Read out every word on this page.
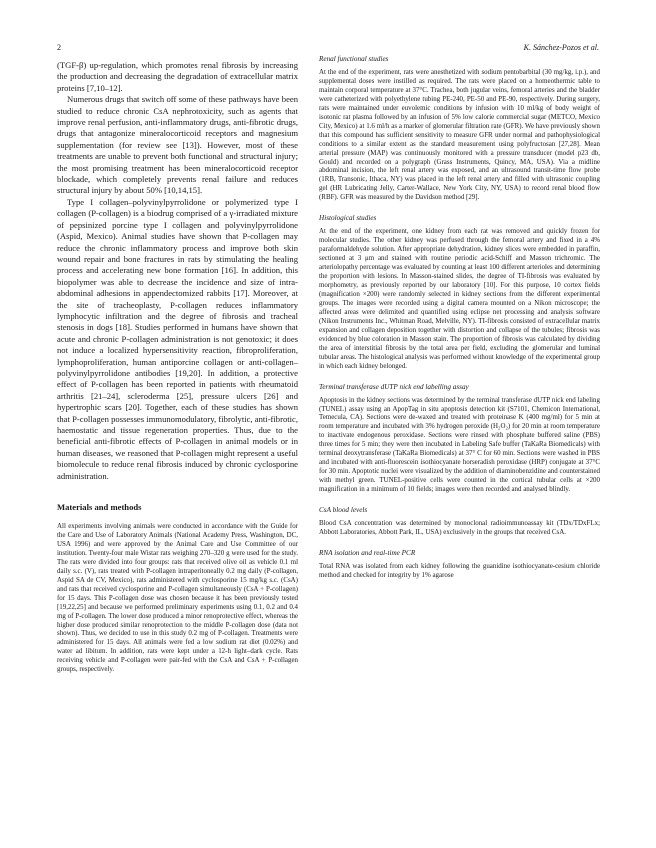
2	K. Sánchez-Pozos et al.

(TGF-β) up-regulation, which promotes renal fibrosis by increasing the production and decreasing the degradation of extracellular matrix proteins [7,10–12].

Numerous drugs that switch off some of these pathways have been studied to reduce chronic CsA nephrotoxicity, such as agents that improve renal perfusion, anti-inflammatory drugs, anti-fibrotic drugs, drugs that antagonize mineralocorticoid receptors and magnesium supplementation (for review see [13]). However, most of these treatments are unable to prevent both functional and structural injury; the most promising treatment has been mineralocorticoid receptor blockade, which completely prevents renal failure and reduces structural injury by about 50% [10,14,15].

Type I collagen–polyvinylpyrrolidone or polymerized type I collagen (P-collagen) is a biodrug comprised of a γ-irradiated mixture of pepsinized porcine type I collagen and polyvinylpyrrolidone (Aspid, Mexico). Animal studies have shown that P-collagen may reduce the chronic inflammatory process and improve both skin wound repair and bone fractures in rats by stimulating the healing process and accelerating new bone formation [16]. In addition, this biopolymer was able to decrease the incidence and size of intra-abdominal adhesions in appendectomized rabbits [17]. Moreover, at the site of tracheoplasty, P-collagen reduces inflammatory lymphocytic infiltration and the degree of fibrosis and tracheal stenosis in dogs [18]. Studies performed in humans have shown that acute and chronic P-collagen administration is not genotoxic; it does not induce a localized hypersensitivity reaction, fibroproliferation, lymphoproliferation, human antiporcine collagen or anti-collagen–polyvinylpyrrolidone antibodies [19,20]. In addition, a protective effect of P-collagen has been reported in patients with rheumatoid arthritis [21–24], scleroderma [25], pressure ulcers [26] and hypertrophic scars [20]. Together, each of these studies has shown that P-collagen possesses immunomodulatory, fibrolytic, anti-fibrotic, haemostatic and tissue regeneration properties. Thus, due to the beneficial anti-fibrotic effects of P-collagen in animal models or in human diseases, we reasoned that P-collagen might represent a useful biomolecule to reduce renal fibrosis induced by chronic cyclosporine administration.

Materials and methods

All experiments involving animals were conducted in accordance with the Guide for the Care and Use of Laboratory Animals (National Academy Press, Washington, DC, USA 1996) and were approved by the Animal Care and Use Committee of our institution. Twenty-four male Wistar rats weighing 270–320 g were used for the study. The rats were divided into four groups: rats that received olive oil as vehicle 0.1 ml daily s.c. (V), rats treated with P-collagen intraperitoneally 0.2 mg daily (P-collagen, Aspid SA de CV, Mexico), rats administered with cyclosporine 15 mg/kg s.c. (CsA) and rats that received cyclosporine and P-collagen simultaneously (CsA + P-collagen) for 15 days. This P-collagen dose was chosen because it has been previously tested [19,22,25] and because we performed preliminary experiments using 0.1, 0.2 and 0.4 mg of P-collagen. The lower dose produced a minor renoprotective effect, whereas the higher dose produced similar renoprotection to the middle P-collagen dose (data not shown). Thus, we decided to use in this study 0.2 mg of P-collagen. Treatments were administered for 15 days. All animals were fed a low sodium rat diet (0.02%) and water ad libitum. In addition, rats were kept under a 12-h light–dark cycle. Rats receiving vehicle and P-collagen were pair-fed with the CsA and CsA + P-collagen groups, respectively.

Renal functional studies

At the end of the experiment, rats were anesthetized with sodium pentobarbital (30 mg/kg, i.p.), and supplemental doses were instilled as required. The rats were placed on a homeothermic table to maintain corporal temperature at 37°C. Trachea, both jugular veins, femoral arteries and the bladder were catheterized with polyethylene tubing PE-240, PE-50 and PE-90, respectively. During surgery, rats were maintained under euvolemic conditions by infusion with 10 ml/kg of body weight of isotonic rat plasma followed by an infusion of 5% low calorie commercial sugar (METCO, Mexico City, Mexico) at 1.6 ml/h as a marker of glomerular filtration rate (GFR). We have previously shown that this compound has sufficient sensitivity to measure GFR under normal and pathophysiological conditions to a similar extent as the standard measurement using polyfructosan [27,28]. Mean arterial pressure (MAP) was continuously monitored with a pressure transducer (model p23 db, Gould) and recorded on a polygraph (Grass Instruments, Quincy, MA, USA). Via a midline abdominal incision, the left renal artery was exposed, and an ultrasound transit-time flow probe (1RB, Transonic, Ithaca, NY) was placed in the left renal artery and filled with ultrasonic coupling gel (HR Lubricating Jelly, Carter-Wallace, New York City, NY, USA) to record renal blood flow (RBF). GFR was measured by the Davidson method [29].

Histological studies

At the end of the experiment, one kidney from each rat was removed and quickly frozen for molecular studies. The other kidney was perfused through the femoral artery and fixed in a 4% paraformaldehyde solution. After appropriate dehydration, kidney slices were embedded in paraffin, sectioned at 3 μm and stained with routine periodic acid-Schiff and Masson trichromic. The arteriolopathy percentage was evaluated by counting at least 100 different arterioles and determining the proportion with lesions. In Masson-stained slides, the degree of TI-fibrosis was evaluated by morphometry, as previously reported by our laboratory [10]. For this purpose, 10 cortex fields (magnification ×200) were randomly selected in kidney sections from the different experimental groups. The images were recorded using a digital camera mounted on a Nikon microscope; the affected areas were delimited and quantified using eclipse net processing and analysis software (Nikon Instruments Inc., Whitman Road, Melville, NY). TI-fibrosis consisted of extracellular matrix expansion and collagen deposition together with distortion and collapse of the tubules; fibrosis was evidenced by blue coloration in Masson stain. The proportion of fibrosis was calculated by dividing the area of interstitial fibrosis by the total area per field, excluding the glomerular and luminal tubular areas. The histological analysis was performed without knowledge of the experimental group in which each kidney belonged.

Terminal transferase dUTP nick end labelling assay

Apoptosis in the kidney sections was determined by the terminal transferase dUTP nick end labeling (TUNEL) assay using an ApopTag in situ apoptosis detection kit (S7101, Chemicon International, Temecula, CA). Sections were de-waxed and treated with proteinase K (400 mg/ml) for 5 min at room temperature and incubated with 3% hydrogen peroxide (H₂O₂) for 20 min at room temperature to inactivate endogenous peroxidase. Sections were rinsed with phosphate buffered saline (PBS) three times for 5 min; they were then incubated in Labeling Safe buffer (TaKaRa Biomedicals) with terminal deoxytransferase (TaKaRa Biomedicals) at 37° C for 60 min. Sections were washed in PBS and incubated with anti-fluorescein isothiocyanate horseradish peroxidase (HRP) conjugate at 37°C for 30 min. Apoptotic nuclei were visualized by the addition of diaminobenzidine and counterstained with methyl green. TUNEL-positive cells were counted in the cortical tubular cells at ×200 magnification in a minimum of 10 fields; images were then recorded and analysed blindly.

CsA blood levels

Blood CsA concentration was determined by monoclonal radioimmunoassay kit (TDx/TDxFLx; Abbott Laboratories, Abbott Park, IL, USA) exclusively in the groups that received CsA.

RNA isolation and real-time PCR

Total RNA was isolated from each kidney following the guanidine isothiocyanate-cesium chloride method and checked for integrity by 1% agarose
